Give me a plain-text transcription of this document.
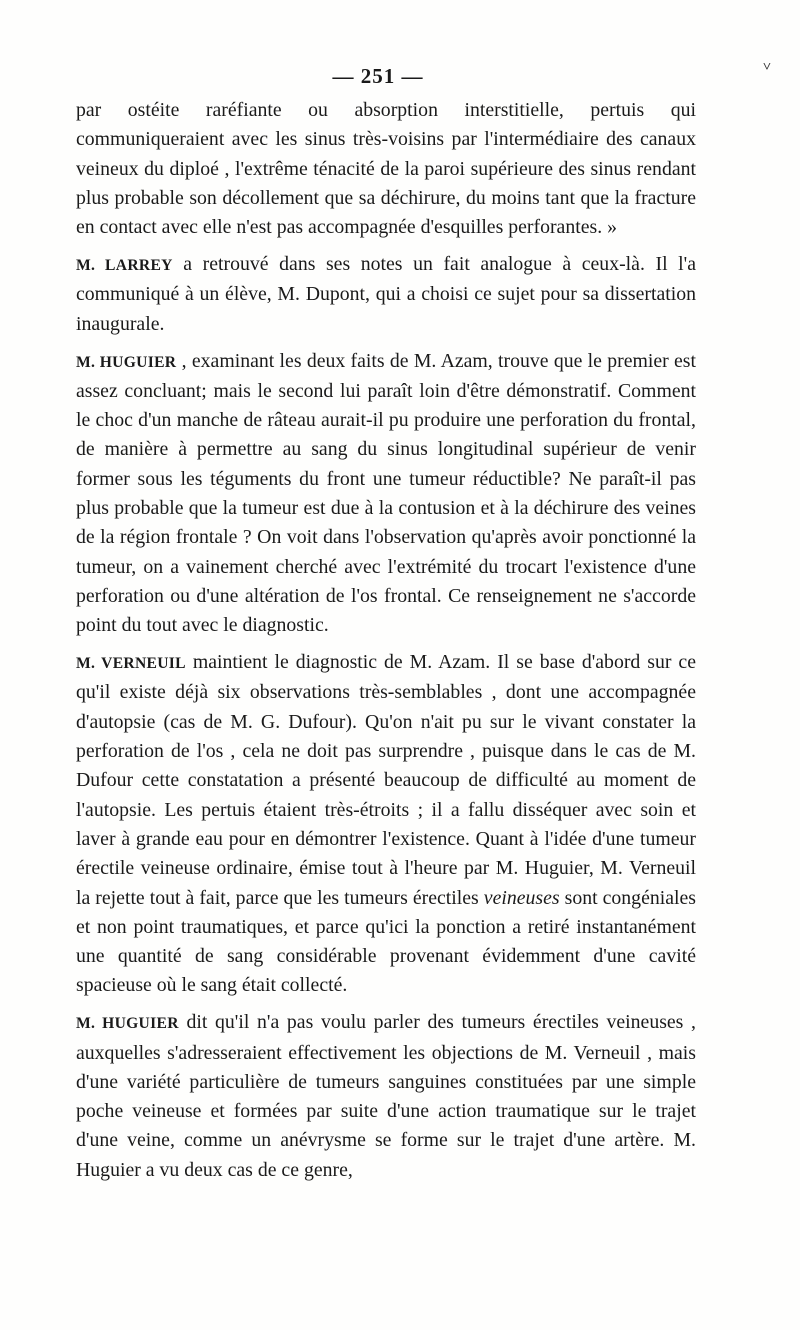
˅
— 251 —

par ostéite raréfiante ou absorption interstitielle, pertuis qui communiqueraient avec les sinus très-voisins par l'intermédiaire des canaux veineux du diploé , l'extrême ténacité de la paroi supérieure des sinus rendant plus probable son décollement que sa déchirure, du moins tant que la fracture en contact avec elle n'est pas accompagnée d'esquilles perforantes. »

M. LARREY a retrouvé dans ses notes un fait analogue à ceux-là. Il l'a communiqué à un élève, M. Dupont, qui a choisi ce sujet pour sa dissertation inaugurale.

M. HUGUIER , examinant les deux faits de M. Azam, trouve que le premier est assez concluant; mais le second lui paraît loin d'être démonstratif. Comment le choc d'un manche de râteau aurait-il pu produire une perforation du frontal, de manière à permettre au sang du sinus longitudinal supérieur de venir former sous les téguments du front une tumeur réductible? Ne paraît-il pas plus probable que la tumeur est due à la contusion et à la déchirure des veines de la région frontale ? On voit dans l'observation qu'après avoir ponctionné la tumeur, on a vainement cherché avec l'extrémité du trocart l'existence d'une perforation ou d'une altération de l'os frontal. Ce renseignement ne s'accorde point du tout avec le diagnostic.

M. VERNEUIL maintient le diagnostic de M. Azam. Il se base d'abord sur ce qu'il existe déjà six observations très-semblables , dont une accompagnée d'autopsie (cas de M. G. Dufour). Qu'on n'ait pu sur le vivant constater la perforation de l'os , cela ne doit pas surprendre , puisque dans le cas de M. Dufour cette constatation a présenté beaucoup de difficulté au moment de l'autopsie. Les pertuis étaient très-étroits ; il a fallu disséquer avec soin et laver à grande eau pour en démontrer l'existence. Quant à l'idée d'une tumeur érectile veineuse ordinaire, émise tout à l'heure par M. Huguier, M. Verneuil la rejette tout à fait, parce que les tumeurs érectiles veineuses sont congéniales et non point traumatiques, et parce qu'ici la ponction a retiré instantanément une quantité de sang considérable provenant évidemment d'une cavité spacieuse où le sang était collecté.

M. HUGUIER dit qu'il n'a pas voulu parler des tumeurs érectiles veineuses , auxquelles s'adresseraient effectivement les objections de M. Verneuil , mais d'une variété particulière de tumeurs sanguines constituées par une simple poche veineuse et formées par suite d'une action traumatique sur le trajet d'une veine, comme un anévrysme se forme sur le trajet d'une artère. M. Huguier a vu deux cas de ce genre,
